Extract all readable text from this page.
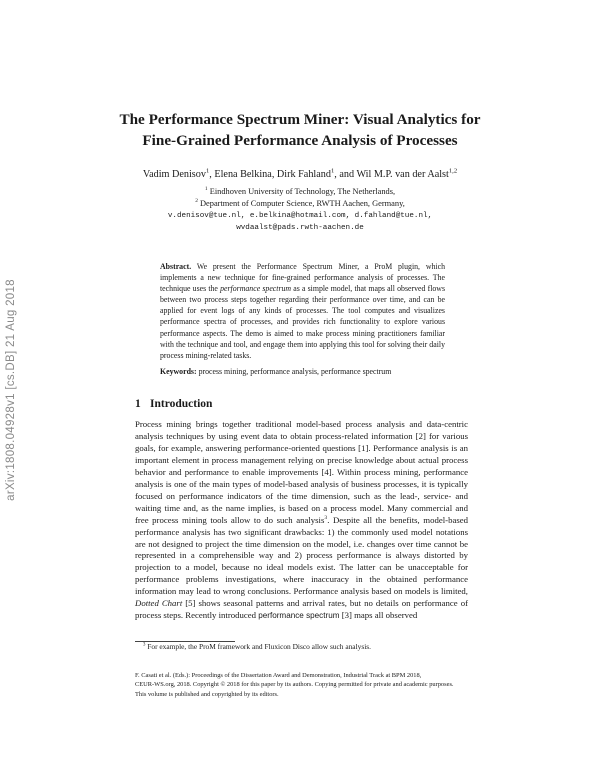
arXiv:1808.04928v1 [cs.DB] 21 Aug 2018
The Performance Spectrum Miner: Visual Analytics for
Fine-Grained Performance Analysis of Processes
Vadim Denisov$^1$, Elena Belkina, Dirk Fahland$^1$, and Wil M.P. van der Aalst$^{1,2}$
$^1$ Eindhoven University of Technology, The Netherlands,
$^2$ Department of Computer Science, RWTH Aachen, Germany,
v.denisov@tue.nl, e.belkina@hotmail.com, d.fahland@tue.nl,
wvdaalst@pads.rwth-aachen.de

Abstract. We present the Performance Spectrum Miner, a ProM plugin, which implements a new technique for fine-grained performance analysis of processes. The technique uses the performance spectrum as a simple model, that maps all observed flows between two process steps together regarding their performance over time, and can be applied for event logs of any kinds of processes. The tool computes and visualizes performance spectra of processes, and provides rich functionality to explore various performance aspects. The demo is aimed to make process mining practitioners familiar with the technique and tool, and engage them into applying this tool for solving their daily process mining-related tasks.

Keywords: process mining, performance analysis, performance spectrum
1 Introduction

Process mining brings together traditional model-based process analysis and data-centric analysis techniques by using event data to obtain process-related information [2] for various goals, for example, answering performance-oriented questions [1]. Performance analysis is an important element in process management relying on precise knowledge about actual process behavior and performance to enable improvements [4]. Within process mining, performance analysis is one of the main types of model-based analysis of business processes, it is typically focused on performance indicators of the time dimension, such as the lead-, service- and waiting time and, as the name implies, is based on a process model. Many commercial and free process mining tools allow to do such analysis$^3$. Despite all the benefits, model-based performance analysis has two significant drawbacks: 1) the commonly used model notations are not designed to project the time dimension on the model, i.e. changes over time cannot be represented in a comprehensible way and 2) process performance is always distorted by projection to a model, because no ideal models exist. The latter can be unacceptable for performance problems investigations, where inaccuracy in the obtained performance information may lead to wrong conclusions. Performance analysis based on models is limited, Dotted Chart [5] shows seasonal patterns and arrival rates, but no details on performance of process steps. Recently introduced performance spectrum [3] maps all observed

$^3$ For example, the ProM framework and Fluxicon Disco allow such analysis.
F. Casati et al. (Eds.): Proceedings of the Dissertation Award and Demonstration, Industrial Track at BPM 2018,
CEUR-WS.org, 2018. Copyright © 2018 for this paper by its authors. Copying permitted for private and academic purposes.
This volume is published and copyrighted by its editors.
